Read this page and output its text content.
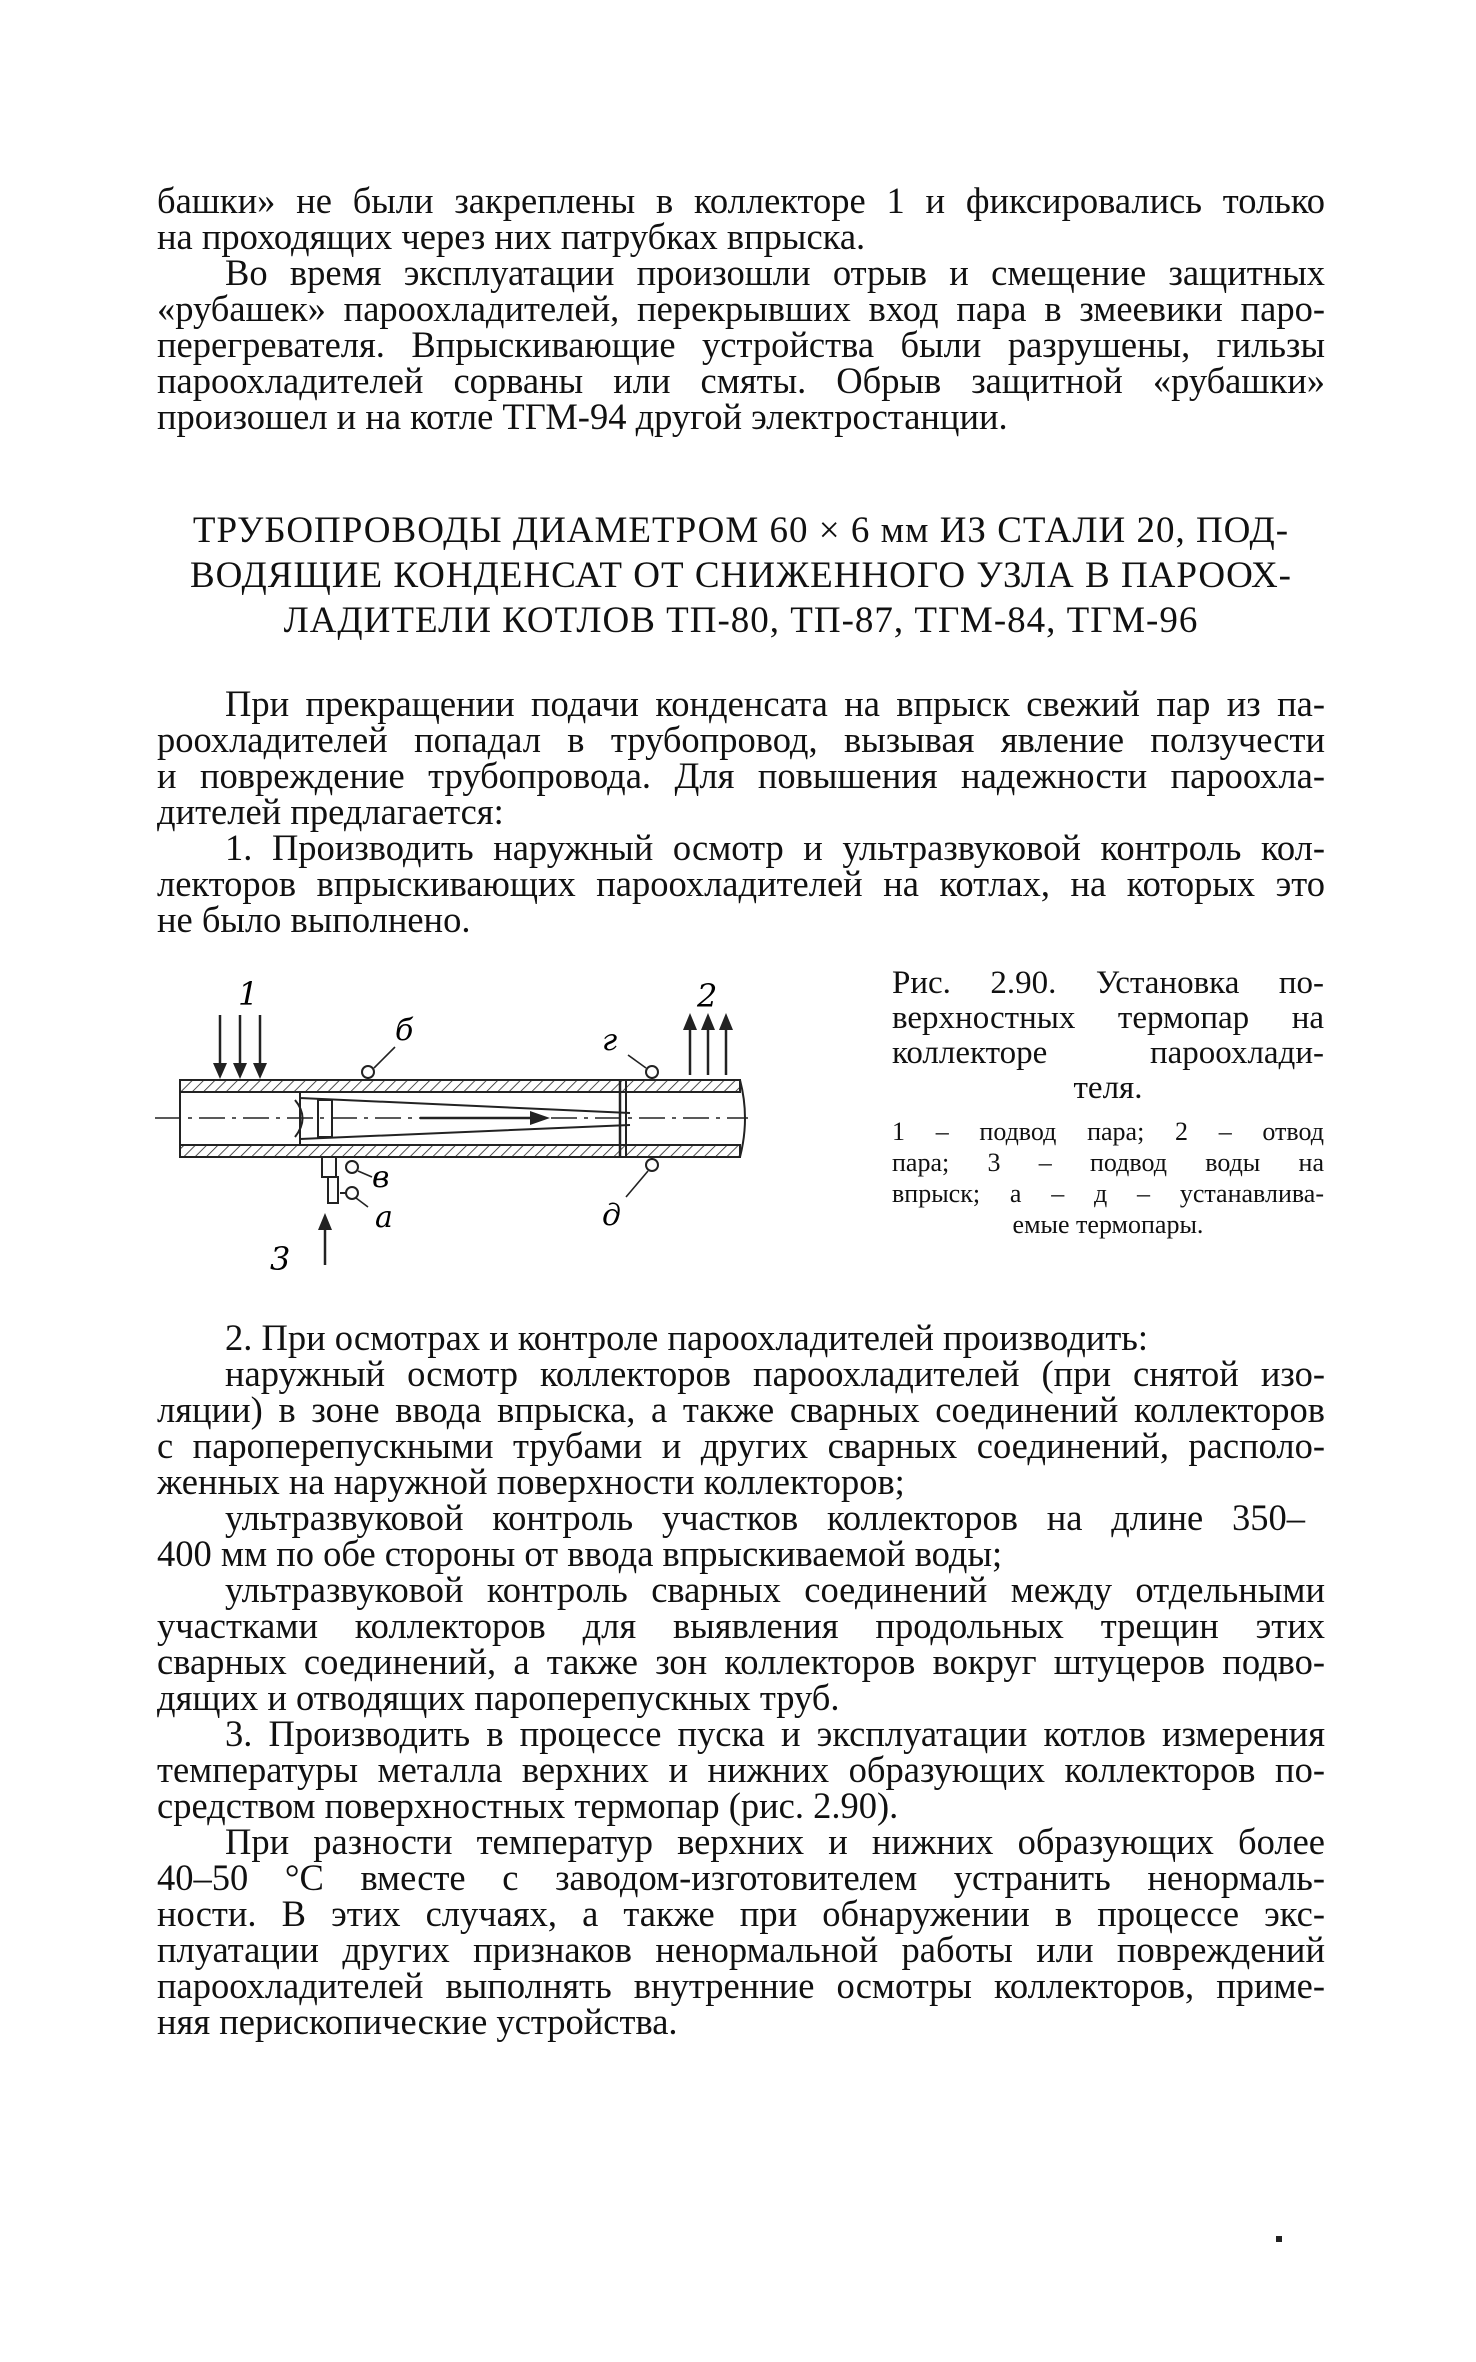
башки» не были закреплены в коллекторе 1 и фиксировались только
на проходящих через них патрубках впрыска.
Во время эксплуатации произошли отрыв и смещение защитных
«рубашек» пароохладителей, перекрывших вход пара в змеевики паро-
перегревателя. Впрыскивающие устройства были разрушены, гильзы
пароохладителей сорваны или смяты. Обрыв защитной «рубашки»
произошел и на котле ТГМ-94 другой электростанции.
ТРУБОПРОВОДЫ ДИАМЕТРОМ 60 × 6 мм ИЗ СТАЛИ 20, ПОД-
ВОДЯЩИЕ КОНДЕНСАТ ОТ СНИЖЕННОГО УЗЛА В ПАРООХ-
ЛАДИТЕЛИ КОТЛОВ ТП-80, ТП-87, ТГМ-84, ТГМ-96
При прекращении подачи конденсата на впрыск свежий пар из па-
роохладителей попадал в трубопровод, вызывая явление ползучести
и повреждение трубопровода. Для повышения надежности пароохла-
дителей предлагается:
1. Производить наружный осмотр и ультразвуковой контроль кол-
лекторов впрыскивающих пароохладителей на котлах, на которых это
не было выполнено.
1	2
б	г
д
3
в
а
Рис. 2.90. Установка по-
верхностных термопар на
коллекторе пароохлади-
теля.
1 – подвод пара; 2 – отвод
пара; 3 – подвод воды на
впрыск; а – д – устанавлива-
емые термопары.
2. При осмотрах и контроле пароохладителей производить:
наружный осмотр коллекторов пароохладителей (при снятой изо-
ляции) в зоне ввода впрыска, а также сварных соединений коллекторов
с пароперепускными трубами и других сварных соединений, располо-
женных на наружной поверхности коллекторов;
ультразвуковой контроль участков коллекторов на длине 350–
400 мм по обе стороны от ввода впрыскиваемой воды;
ультразвуковой контроль сварных соединений между отдельными
участками коллекторов для выявления продольных трещин этих
сварных соединений, а также зон коллекторов вокруг штуцеров подво-
дящих и отводящих пароперепускных труб.
3. Производить в процессе пуска и эксплуатации котлов измерения
температуры металла верхних и нижних образующих коллекторов по-
средством поверхностных термопар (рис. 2.90).
При разности температур верхних и нижних образующих более
40–50 °С вместе с заводом-изготовителем устранить ненормаль-
ности. В этих случаях, а также при обнаружении в процессе экс-
плуатации других признаков ненормальной работы или повреждений
пароохладителей выполнять внутренние осмотры коллекторов, приме-
няя перископические устройства.
